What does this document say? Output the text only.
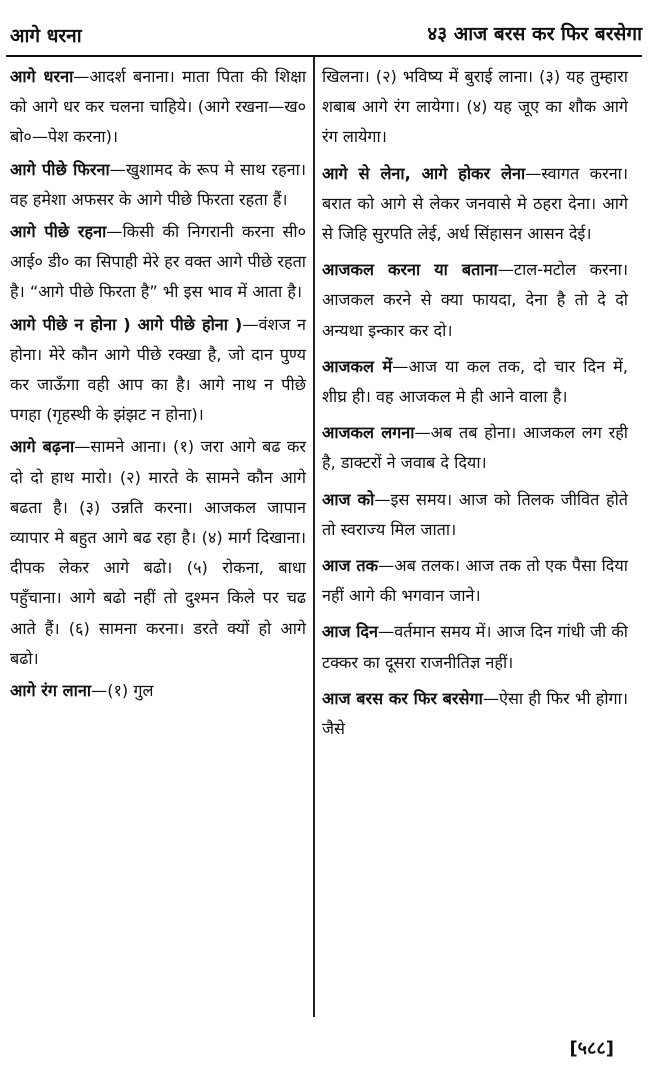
आगे धरना	४३ आज बरस कर फिर बरसेगा

आगे धरना—आदर्श बनाना। माता पिता की शिक्षा को आगे धर कर चलना चाहिये। (आगे रखना—ख० बो०—पेश करना)।

आगे पीछे फिरना—खुशामद के रूप मे साथ रहना। वह हमेशा अफसर के आगे पीछे फिरता रहता हैं।

आगे पीछे रहना—किसी की निगरानी करना सी० आई० डी० का सिपाही मेरे हर वक्त आगे पीछे रहता है। “आगे पीछे फिरता है” भी इस भाव में आता है।

आगे पीछे न होना ) आगे पीछे होना )—वंशज न होना। मेरे कौन आगे पीछे रक्खा है, जो दान पुण्य कर जाऊँगा वही आप का है। आगे नाथ न पीछे पगहा (गृहस्थी के झंझट न होना)।

आगे बढ़ना—सामने आना। (१) जरा आगे बढ कर दो दो हाथ मारो। (२) मारते के सामने कौन आगे बढता है। (३) उन्नति करना। आजकल जापान व्यापार मे बहुत आगे बढ रहा है। (४) मार्ग दिखाना। दीपक लेकर आगे बढो। (५) रोकना, बाधा पहुँचाना। आगे बढो नहीं तो दुश्मन किले पर चढ आते हैं। (६) सामना करना। डरते क्यों हो आगे बढो।

आगे रंग लाना—(१) गुल

खिलना। (२) भविष्य में बुराई लाना। (३) यह तुम्हारा शबाब आगे रंग लायेगा। (४) यह जूए का शौक आगे रंग लायेगा।

आगे से लेना, आगे होकर लेना—स्वागत करना। बरात को आगे से लेकर जनवासे मे ठहरा देना। आगे से जिहि सुरपति लेई, अर्ध सिंहासन आसन देई।

आजकल करना या बताना—टाल-मटोल करना। आजकल करने से क्या फायदा, देना है तो दे दो अन्यथा इन्कार कर दो।

आजकल में—आज या कल तक, दो चार दिन में, शीघ्र ही। वह आजकल मे ही आने वाला है।

आजकल लगना—अब तब होना। आजकल लग रही है, डाक्टरों ने जवाब दे दिया।

आज को—इस समय। आज को तिलक जीवित होते तो स्वराज्य मिल जाता।

आज तक—अब तलक। आज तक तो एक पैसा दिया नहीं आगे की भगवान जाने।

आज दिन—वर्तमान समय में। आज दिन गांधी जी की टक्कर का दूसरा राजनीतिज्ञ नहीं।

आज बरस कर फिर बरसेगा—ऐसा ही फिर भी होगा। जैसे

[५८८]
